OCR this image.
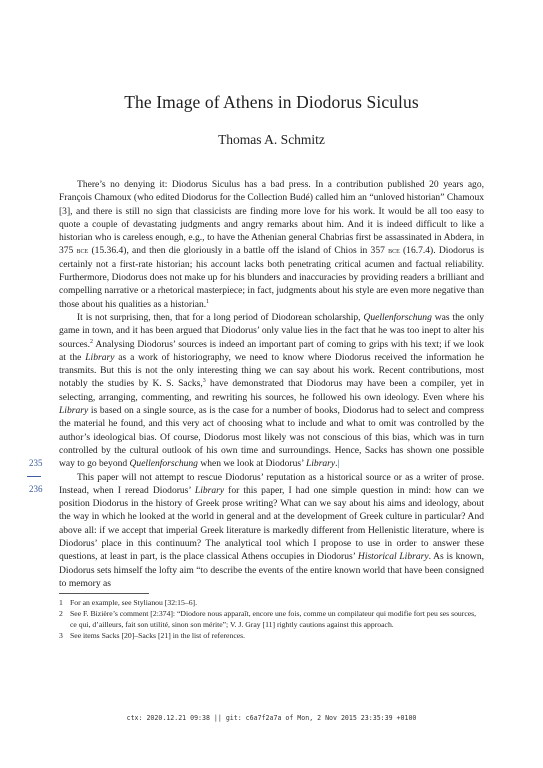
The Image of Athens in Diodorus Siculus
Thomas A. Schmitz
235
236

There’s no denying it: Diodorus Siculus has a bad press. In a contribution published 20 years ago, François Chamoux (who edited Diodorus for the Collection Budé) called him an “unloved historian” Chamoux [3], and there is still no sign that classicists are finding more love for his work. It would be all too easy to quote a couple of devastating judgments and angry remarks about him. And it is indeed difficult to like a historian who is careless enough, e.g., to have the Athenian general Chabrias first be assassinated in Abdera, in 375 bce (15.36.4), and then die gloriously in a battle off the island of Chios in 357 bce (16.7.4). Diodorus is certainly not a first-rate historian; his account lacks both penetrating critical acumen and factual reliability. Furthermore, Diodorus does not make up for his blunders and inaccuracies by providing readers a brilliant and compelling narrative or a rhetorical masterpiece; in fact, judgments about his style are even more negative than those about his qualities as a historian.$^1$

It is not surprising, then, that for a long period of Diodorean scholarship, Quellenforschung was the only game in town, and it has been argued that Diodorus’ only value lies in the fact that he was too inept to alter his sources.$^2$ Analysing Diodorus’ sources is indeed an important part of coming to grips with his text; if we look at the Library as a work of historiography, we need to know where Diodorus received the information he transmits. But this is not the only interesting thing we can say about his work. Recent contributions, most notably the studies by K. S. Sacks,$^3$ have demonstrated that Diodorus may have been a compiler, yet in selecting, arranging, commenting, and rewriting his sources, he followed his own ideology. Even where his Library is based on a single source, as is the case for a number of books, Diodorus had to select and compress the material he found, and this very act of choosing what to include and what to omit was controlled by the author’s ideological bias. Of course, Diodorus most likely was not conscious of this bias, which was in turn controlled by the cultural outlook of his own time and surroundings. Hence, Sacks has shown one possible way to go beyond Quellenforschung when we look at Diodorus’ Library.|

This paper will not attempt to rescue Diodorus’ reputation as a historical source or as a writer of prose. Instead, when I reread Diodorus’ Library for this paper, I had one simple question in mind: how can we position Diodorus in the history of Greek prose writing? What can we say about his aims and ideology, about the way in which he looked at the world in general and at the development of Greek culture in particular? And above all: if we accept that imperial Greek literature is markedly different from Hellenistic literature, where is Diodorus’ place in this continuum? The analytical tool which I propose to use in order to answer these questions, at least in part, is the place classical Athens occupies in Diodorus’ Historical Library. As is known, Diodorus sets himself the lofty aim “to describe the events of the entire known world that have been consigned to memory as

1 For an example, see Stylianou [32:15–6].
2 See F. Bizière’s comment [2:374]: “Diodore nous apparaît, encore une fois, comme un compilateur qui modifie fort peu ses sources, ce qui, d’ailleurs, fait son utilité, sinon son mérite”; V. J. Gray [11] rightly cautions against this approach.
3 See items Sacks [20]–Sacks [21] in the list of references.
ctx: 2020.12.21 09:38 || git: c6a7f2a7a of Mon, 2 Nov 2015 23:35:39 +0100
